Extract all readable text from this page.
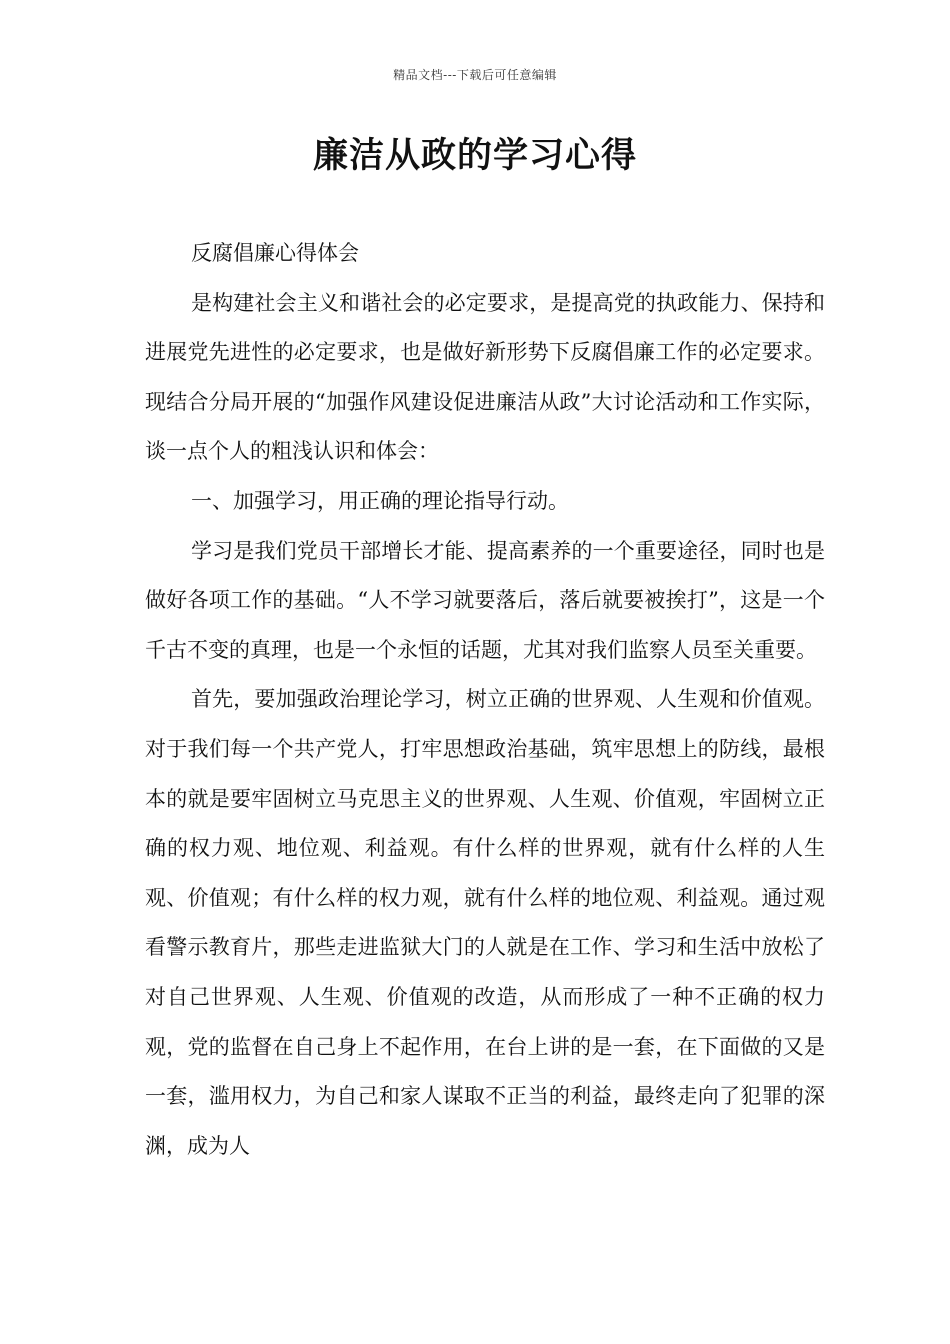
精品文档---下载后可任意编辑
廉洁从政的学习心得

反腐倡廉心得体会

是构建社会主义和谐社会的必定要求，是提高党的执政能力、保持和进展党先进性的必定要求，也是做好新形势下反腐倡廉工作的必定要求。现结合分局开展的“加强作风建设促进廉洁从政”大讨论活动和工作实际，谈一点个人的粗浅认识和体会：

一、加强学习，用正确的理论指导行动。

学习是我们党员干部增长才能、提高素养的一个重要途径，同时也是做好各项工作的基础。“人不学习就要落后，落后就要被挨打”，这是一个千古不变的真理，也是一个永恒的话题，尤其对我们监察人员至关重要。

首先，要加强政治理论学习，树立正确的世界观、人生观和价值观。对于我们每一个共产党人，打牢思想政治基础，筑牢思想上的防线，最根本的就是要牢固树立马克思主义的世界观、人生观、价值观，牢固树立正确的权力观、地位观、利益观。有什么样的世界观，就有什么样的人生观、价值观；有什么样的权力观，就有什么样的地位观、利益观。通过观看警示教育片，那些走进监狱大门的人就是在工作、学习和生活中放松了对自己世界观、人生观、价值观的改造，从而形成了一种不正确的权力观，党的监督在自己身上不起作用，在台上讲的是一套，在下面做的又是一套，滥用权力，为自己和家人谋取不正当的利益，最终走向了犯罪的深渊，成为人
